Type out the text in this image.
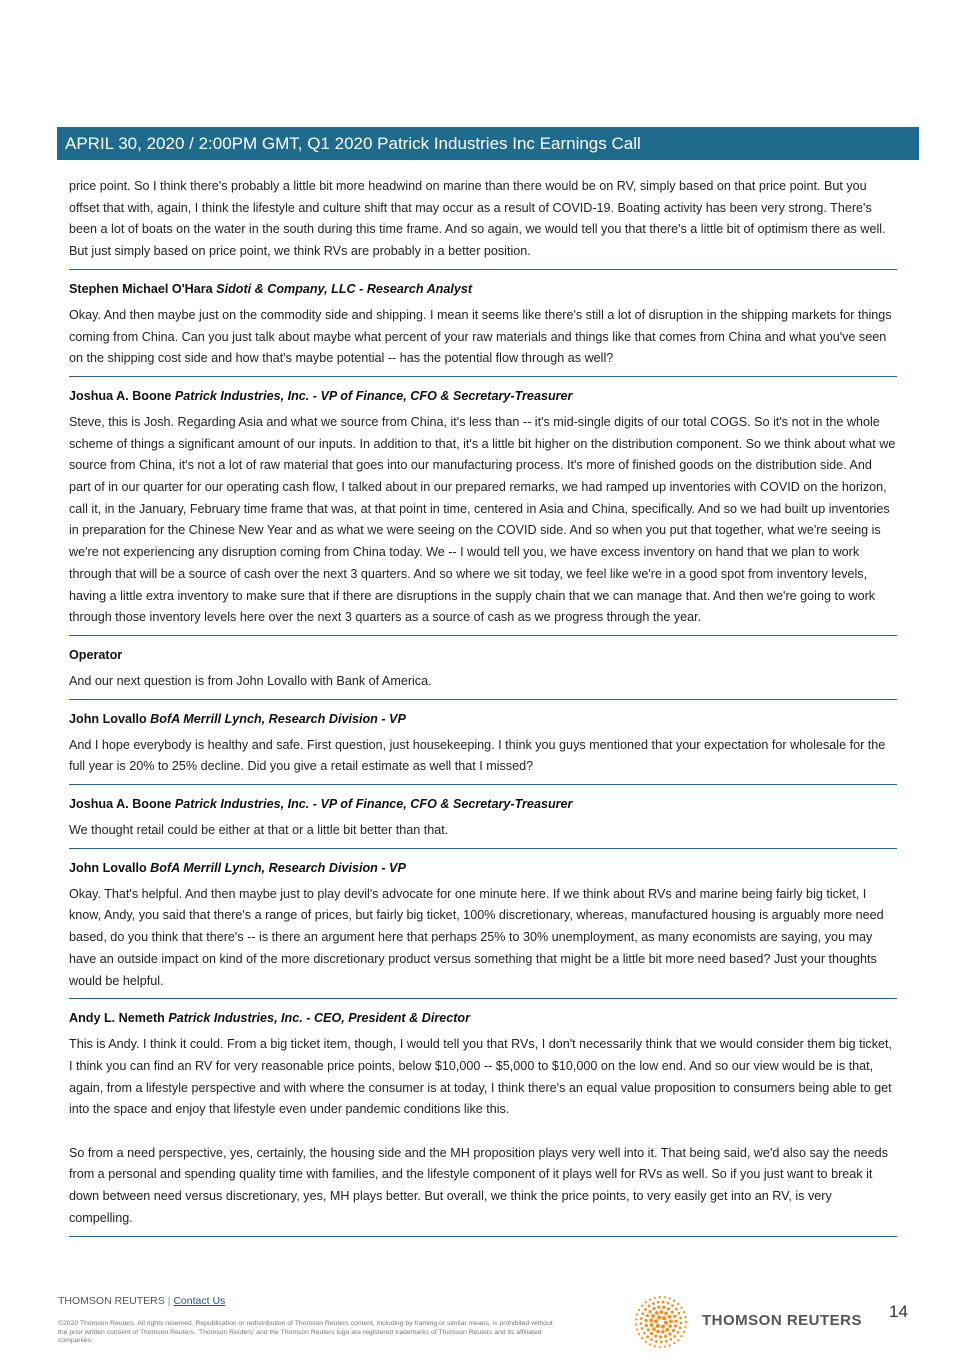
APRIL 30, 2020 / 2:00PM GMT, Q1 2020 Patrick Industries Inc Earnings Call

price point. So I think there's probably a little bit more headwind on marine than there would be on RV, simply based on that price point. But you offset that with, again, I think the lifestyle and culture shift that may occur as a result of COVID-19. Boating activity has been very strong. There's been a lot of boats on the water in the south during this time frame. And so again, we would tell you that there's a little bit of optimism there as well. But just simply based on price point, we think RVs are probably in a better position.

Stephen Michael O'Hara Sidoti & Company, LLC - Research Analyst

Okay. And then maybe just on the commodity side and shipping. I mean it seems like there's still a lot of disruption in the shipping markets for things coming from China. Can you just talk about maybe what percent of your raw materials and things like that comes from China and what you've seen on the shipping cost side and how that's maybe potential -- has the potential flow through as well?

Joshua A. Boone Patrick Industries, Inc. - VP of Finance, CFO & Secretary-Treasurer

Steve, this is Josh. Regarding Asia and what we source from China, it's less than -- it's mid-single digits of our total COGS. So it's not in the whole scheme of things a significant amount of our inputs. In addition to that, it's a little bit higher on the distribution component. So we think about what we source from China, it's not a lot of raw material that goes into our manufacturing process. It's more of finished goods on the distribution side. And part of in our quarter for our operating cash flow, I talked about in our prepared remarks, we had ramped up inventories with COVID on the horizon, call it, in the January, February time frame that was, at that point in time, centered in Asia and China, specifically. And so we had built up inventories in preparation for the Chinese New Year and as what we were seeing on the COVID side. And so when you put that together, what we're seeing is we're not experiencing any disruption coming from China today. We -- I would tell you, we have excess inventory on hand that we plan to work through that will be a source of cash over the next 3 quarters. And so where we sit today, we feel like we're in a good spot from inventory levels, having a little extra inventory to make sure that if there are disruptions in the supply chain that we can manage that. And then we're going to work through those inventory levels here over the next 3 quarters as a source of cash as we progress through the year.

Operator

And our next question is from John Lovallo with Bank of America.

John Lovallo BofA Merrill Lynch, Research Division - VP

And I hope everybody is healthy and safe. First question, just housekeeping. I think you guys mentioned that your expectation for wholesale for the full year is 20% to 25% decline. Did you give a retail estimate as well that I missed?

Joshua A. Boone Patrick Industries, Inc. - VP of Finance, CFO & Secretary-Treasurer

We thought retail could be either at that or a little bit better than that.

John Lovallo BofA Merrill Lynch, Research Division - VP

Okay. That's helpful. And then maybe just to play devil's advocate for one minute here. If we think about RVs and marine being fairly big ticket, I know, Andy, you said that there's a range of prices, but fairly big ticket, 100% discretionary, whereas, manufactured housing is arguably more need based, do you think that there's -- is there an argument here that perhaps 25% to 30% unemployment, as many economists are saying, you may have an outside impact on kind of the more discretionary product versus something that might be a little bit more need based? Just your thoughts would be helpful.

Andy L. Nemeth Patrick Industries, Inc. - CEO, President & Director

This is Andy. I think it could. From a big ticket item, though, I would tell you that RVs, I don't necessarily think that we would consider them big ticket, I think you can find an RV for very reasonable price points, below $10,000 -- $5,000 to $10,000 on the low end. And so our view would be is that, again, from a lifestyle perspective and with where the consumer is at today, I think there's an equal value proposition to consumers being able to get into the space and enjoy that lifestyle even under pandemic conditions like this.

So from a need perspective, yes, certainly, the housing side and the MH proposition plays very well into it. That being said, we'd also say the needs from a personal and spending quality time with families, and the lifestyle component of it plays well for RVs as well. So if you just want to break it down between need versus discretionary, yes, MH plays better. But overall, we think the price points, to very easily get into an RV, is very compelling.

THOMSON REUTERS | Contact Us
©2020 Thomson Reuters. All rights reserved. Republication or redistribution of Thomson Reuters content, including by framing or similar means, is prohibited without the prior written consent of Thomson Reuters. 'Thomson Reuters' and the Thomson Reuters logo are registered trademarks of Thomson Reuters and its affiliated companies.
THOMSON REUTERS 14
